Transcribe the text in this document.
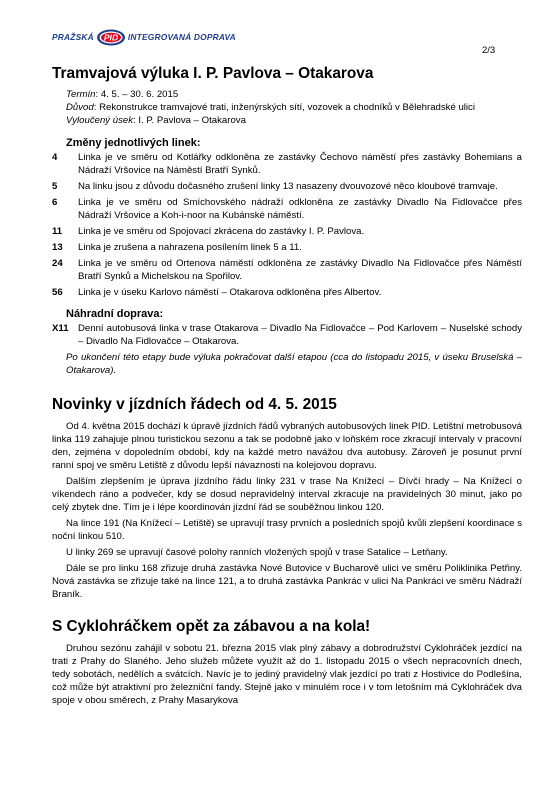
PRAŽSKÁ PID INTEGROVANÁ DOPRAVA
2/3
Tramvajová výluka I. P. Pavlova – Otakarova

Termín: 4. 5. – 30. 6. 2015

Důvod: Rekonstrukce tramvajové trati, inženýrských sítí, vozovek a chodníků v Bělehradské ulici

Vyloučený úsek: I. P. Pavlova – Otakarova

Změny jednotlivých linek:

4	Linka je ve směru od Kotlářky odkloněna ze zastávky Čechovo náměstí přes zastávky Bohemians a Nádraží Vršovice na Náměstí Bratří Synků.
5	Na linku jsou z důvodu dočasného zrušení linky 13 nasazeny dvouvozové něco kloubové tramvaje.
6	Linka je ve směru od Smíchovského nádraží odkloněna ze zastávky Divadlo Na Fidlovačce přes Nádraží Vršovice a Koh-i-noor na Kubánské náměstí.
11	Linka je ve směru od Spojovací zkrácena do zastávky I. P. Pavlova.
13	Linka je zrušena a nahrazena posílením linek 5 a 11.
24	Linka je ve směru od Ortenova náměstí odkloněna ze zastávky Divadlo Na Fidlovačce přes Náměstí Bratří Synků a Michelskou na Spořilov.
56	Linka je v úseku Karlovo náměstí – Otakarova odkloněna přes Albertov.

Náhradní doprava:

X11 Denní autobusová linka v trase Otakarova – Divadlo Na Fidlovačce – Pod Karlovem – Nuselské schody – Divadlo Na Fidlovačce – Otakarova.

Po ukončení této etapy bude výluka pokračovat další etapou (cca do listopadu 2015, v úseku Bruselská – Otakarova).

Novinky v jízdních řádech od 4. 5. 2015

Od 4. května 2015 dochází k úpravě jízdních řádů vybraných autobusových linek PID. Letištní metrobusová linka 119 zahajuje plnou turistickou sezonu a tak se podobně jako v loňském roce zkracují intervaly v pracovní den, zejména v dopoledním období, kdy na každé metro navážou dva autobusy. Zároveň je posunut první ranní spoj ve směru Letiště z důvodu lepší návaznosti na kolejovou dopravu.

Dalším zlepšením je úprava jízdního řádu linky 231 v trase Na Knížecí – Dívčí hrady – Na Knížecí o víkendech ráno a podvečer, kdy se dosud nepravidelný interval zkracuje na pravidelných 30 minut, jako po celý zbytek dne. Tím je i lépe koordinován jízdní řád se souběžnou linkou 120.

Na lince 191 (Na Knížecí – Letiště) se upravují trasy prvních a posledních spojů kvůli zlepšení koordinace s noční linkou 510.

U linky 269 se upravují časové polohy ranních vložených spojů v trase Satalice – Letňany.

Dále se pro linku 168 zřizuje druhá zastávka Nové Butovice v Bucharově ulici ve směru Poliklinika Petřiny. Nová zastávka se zřizuje také na lince 121, a to druhá zastávka Pankrác v ulici Na Pankráci ve směru Nádraží Braník.

S Cyklohráčkem opět za zábavou a na kola!

Druhou sezónu zahájil v sobotu 21. března 2015 vlak plný zábavy a dobrodružství Cyklohráček jezdící na trati z Prahy do Slaného. Jeho služeb můžete využít až do 1. listopadu 2015 o všech nepracovních dnech, tedy sobotách, nedělích a svátcích. Navíc je to jediný pravidelný vlak jezdící po trati z Hostivice do Podlešína, což může být atraktivní pro železniční fandy. Stejně jako v minulém roce i v tom letošním má Cyklohráček dva spoje v obou směrech, z Prahy Masarykova
